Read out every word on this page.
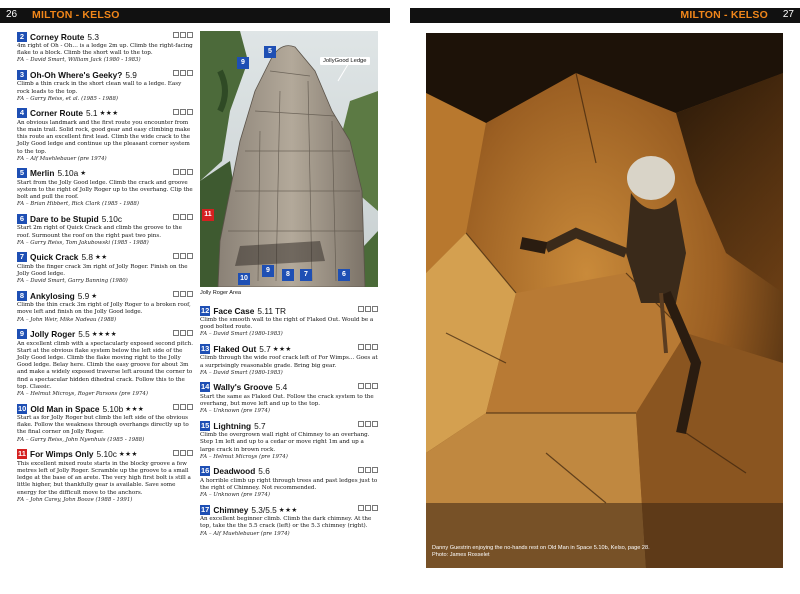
26 MILTON - KELSO
2 Corney Route 5.3
4m right of Oh - Oh… is a ledge 2m up. Climb the right-facing flake to a block. Climb the short wall to the top.
FA – David Smart, William Jack (1980 - 1983)
3 Oh-Oh Where's Geeky? 5.9
Climb a thin crack in the short clean wall to a ledge. Easy rock leads to the top.
FA – Garry Reiss, et al. (1985 - 1988)
4 Corner Route 5.1 ★★★
An obvious landmark and the first route you encounter from the main trail. Solid rock, good gear and easy climbing make this route an excellent first lead. Climb the wide crack to the Jolly Good ledge and continue up the pleasant corner system to the top.
FA – Alf Muehlebauer (pre 1974)
5 Merlin 5.10a ★
Start from the Jolly Good ledge. Climb the crack and groove system to the right of Jolly Roger up to the overhang. Clip the bolt and pull the roof.
FA – Brian Hibbert, Rick Clark (1985 - 1988)
6 Dare to be Stupid 5.10c
Start 2m right of Quick Crack and climb the groove to the roof. Surmount the roof on the right past two pins.
FA – Garry Reiss, Tom Jakubowski (1985 - 1988)
7 Quick Crack 5.8 ★★
Climb the finger crack 3m right of Jolly Roger. Finish on the Jolly Good ledge.
FA – David Smart, Garry Banning (1980)
8 Ankylosing 5.9 ★
Climb the thin crack 3m right of Jolly Roger to a broken roof, move left and finish on the Jolly Good ledge.
FA – John Weir, Mike Nadeau (1988)
9 Jolly Roger 5.5 ★★★★
An excellent climb with a spectacularly exposed second pitch. Start at the obvious flake system below the left side of the Jolly Good ledge. Climb the flake moving right to the Jolly Good ledge. Belay here. Climb the easy groove for about 3m and make a widely exposed traverse left around the corner to find a spectacular hidden dihedral crack. Follow this to the top. Classic.
FA – Helmut Microys, Roger Parsons (pre 1974)
10 Old Man in Space 5.10b ★★★
Start as for Jolly Roger but climb the left side of the obvious flake. Follow the weakness through overhangs directly up to the final corner on Jolly Roger.
FA – Garry Reiss, John Nyenhuis (1985 - 1988)
11 For Wimps Only 5.10c ★★★
This excellent mixed route starts in the blocky groove a few metres left of Jolly Roger. Scramble up the groove to a small ledge at the base of an arete. The very high first bolt is still a little higher, but thankfully gear is available. Save some energy for the difficult move to the anchors.
FA – John Carey, John Booze (1988 - 1991)
JollyGood Ledge
5
9
11
10
9
8	7	6
Jolly Roger Area
12 Face Case 5.11 TR
Climb the smooth wall to the right of Flaked Out. Would be a good bolted route.
FA – David Smart (1980-1983)
13 Flaked Out 5.7 ★★★
Climb through the wide roof crack left of For Wimps… Goes at a surprisingly reasonable grade. Bring big gear.
FA – David Smart (1980-1983)
14 Wally's Groove 5.4
Start the same as Flaked Out. Follow the crack system to the overhang, but move left and up to the top.
FA – Unknown (pre 1974)
15 Lightning 5.7
Climb the overgrown wall right of Chimney to an overhang. Step 1m left and up to a cedar or move right 1m and up a large crack in brown rock.
FA – Helmut Microys (pre 1974)
16 Deadwood 5.6
A horrible climb up right through trees and past ledges just to the right of Chimney. Not recommended.
FA – Unknown (pre 1974)
17 Chimney 5.3/5.5 ★★★
An excellent beginner climb. Climb the dark chimney. At the top, take the the 5.5 crack (left) or the 5.3 chimney (right).
FA – Alf Muehlebauer (pre 1974)
MILTON - KELSO 27
Danny Guestrin enjoying the no-hands rest on Old Man in Space 5.10b, Kelso, page 28. Photo: James Rosselet
